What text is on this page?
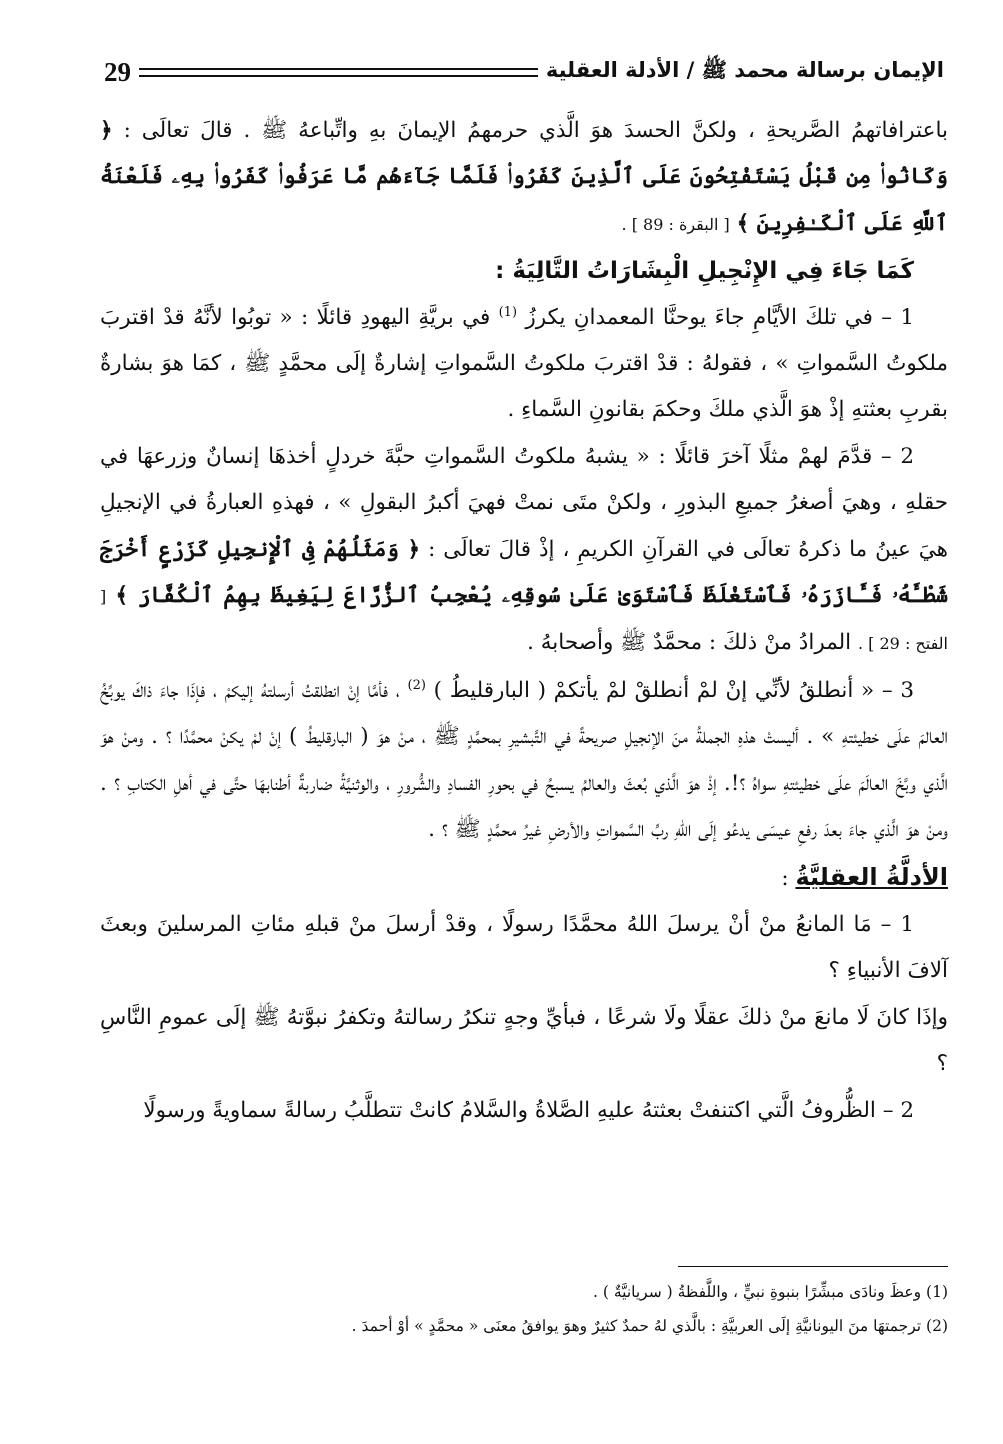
الإيمان برسالة محمد ﷺ / الأدلة العقلية
29

باعترافاتهمُ الصَّريحةِ ، ولكنَّ الحسدَ هوَ الَّذي حرمهمُ الإيمانَ بهِ واتِّباعهُ ﷺ . قالَ تعالَى : ﴿ وَكَانُوا۟ مِن قَبْلُ يَسْتَفْتِحُونَ عَلَى ٱلَّذِينَ كَفَرُوا۟ فَلَمَّا جَآءَهُم مَّا عَرَفُوا۟ كَفَرُوا۟ بِهِۦ فَلَعْنَةُ ٱللَّهِ عَلَى ٱلْكَـٰفِرِينَ ﴾ [ البقرة : 89 ] .

كَمَا جَاءَ فِي الإِنْجِيلِ الْبِشَارَاتُ التَّالِيَةُ :

1 – في تلكَ الأيَّامِ جاءَ يوحنَّا المعمدانِ يكرزُ $^{(1)}$ في بريَّةِ اليهودِ قائلًا : « توبُوا لأنَّهُ قدْ اقتربَ ملكوتُ السَّمواتِ » ، فقولهُ : قدْ اقتربَ ملكوتُ السَّمواتِ إشارةٌ إلَى محمَّدٍ ﷺ ، كمَا هوَ بشارةٌ بقربِ بعثتهِ إذْ هوَ الَّذي ملكَ وحكمَ بقانونِ السَّماءِ .

2 – قدَّمَ لهمْ مثلًا آخرَ قائلًا : « يشبهُ ملكوتُ السَّمواتِ حبَّةَ خردلٍ أخذهَا إنسانٌ وزرعهَا في حقلهِ ، وهيَ أصغرُ جميعِ البذورِ ، ولكنْ متَى نمتْ فهيَ أكبرُ البقولِ » ، فهذهِ العبارةُ في الإنجيلِ هيَ عينُ ما ذكرهُ تعالَى في القرآنِ الكريمِ ، إذْ قالَ تعالَى : ﴿ وَمَثَلُهُمْ فِى ٱلْإِنجِيلِ كَزَرْعٍ أَخْرَجَ شَطْـَٔهُۥ فَـَٔازَرَهُۥ فَٱسْتَغْلَظَ فَٱسْتَوَىٰ عَلَىٰ سُوقِهِۦ يُعْجِبُ ٱلزُّرَّاعَ لِيَغِيظَ بِهِمُ ٱلْكُفَّارَ ﴾ [ الفتح : 29 ] . المرادُ منْ ذلكَ : محمَّدٌ ﷺ وأصحابهُ .

3 – « أنطلقُ لأنِّي إنْ لمْ أنطلقْ لمْ يأتكمْ ( البارقليطُ ) $^{(2)}$ ، فأمَّا إنْ انطلقتُ أرسلتهُ إليكمْ ، فإذَا جاءَ ذاكَ يوبِّخُ العالمَ علَى خطيئتهِ » . أليستْ هذهِ الجملةُ منَ الإنجيلِ صريحةً في التَّبشيرِ بمحمَّدٍ ﷺ ، منْ هوَ ( البارقليطُ ) إنْ لمْ يكنْ محمَّدًا ؟ . ومنْ هوَ الَّذي وبَّخَ العالَمَ علَى خطيئتهِ سواهُ ؟!. إذْ هوَ الَّذي بُعثَ والعالمُ يسبحُ في بحورِ الفسادِ والشُّرورِ ، والوثنيَّةُ ضاربةٌ أطنابهَا حتَّى في أهلِ الكتابِ ؟ . ومنْ هوَ الَّذي جاءَ بعدَ رفعِ عيسَى يدعُو إلَى اللهِ ربِّ السَّمواتِ والأرضِ غيرُ محمَّدٍ ﷺ ؟ .

الأدلَّةُ العقليَّةُ :

1 – مَا المانعُ منْ أنْ يرسلَ اللهُ محمَّدًا رسولًا ، وقدْ أرسلَ منْ قبلهِ مئاتِ المرسلينَ وبعثَ آلافَ الأنبياءِ ؟

وإذَا كانَ لَا مانعَ منْ ذلكَ عقلًا ولَا شرعًا ، فبأيِّ وجهٍ تنكرُ رسالتهُ وتكفرُ نبوَّتهُ ﷺ إلَى عمومِ النَّاسِ ؟

2 – الظُّروفُ الَّتي اكتنفتْ بعثتهُ عليهِ الصَّلاةُ والسَّلامُ كانتْ تتطلَّبُ رسالةً سماويةً ورسولًا

(1) وعظَ ونادَى مبشِّرًا بنبوةِ نبيٍّ ، واللَّفظةُ ( سريانيَّةٌ ) .

(2) ترجمتهَا منَ اليونانيَّةِ إلَى العربيَّةِ : بالَّذي لهُ حمدٌ كثيرٌ وهوَ يوافقُ معنَى « محمَّدٍ » أوْ أحمدَ .
